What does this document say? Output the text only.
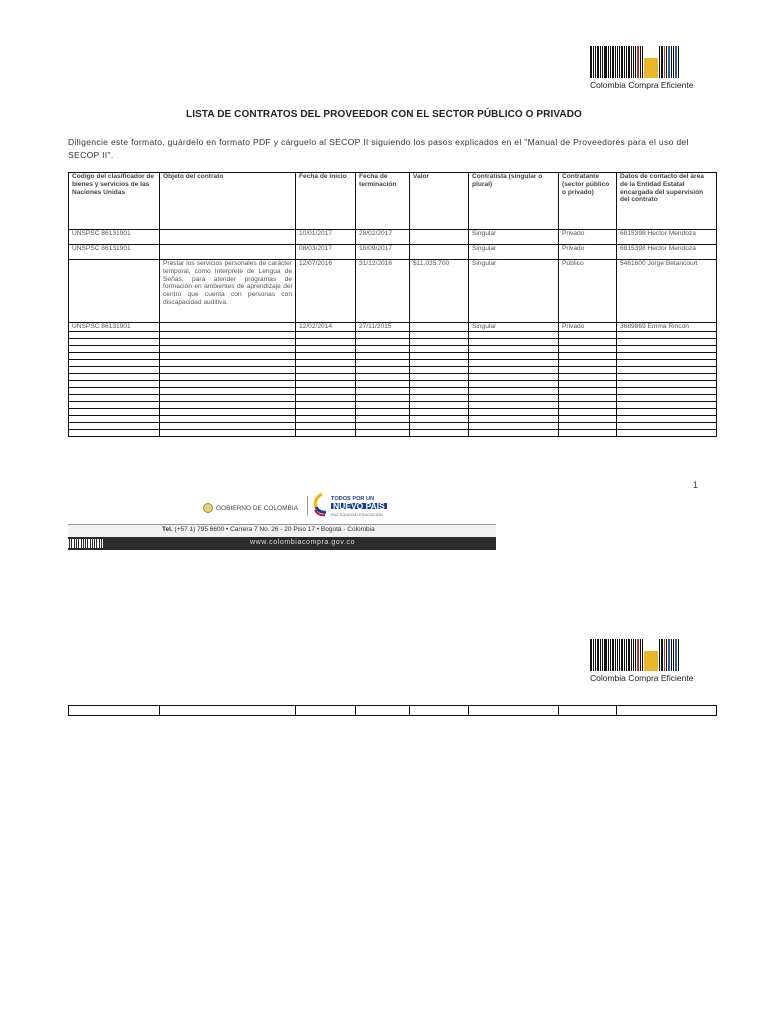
Colombia Compra Eficiente
LISTA DE CONTRATOS DEL PROVEEDOR CON EL SECTOR PÚBLICO O PRIVADO
Diligencie este formato, guárdelo en formato PDF y cárguelo al SECOP II siguiendo los pasos explicados en el "Manual de Proveedores para el uso del SECOP II".
Codigo del clasificador de bienes y servicios de las Naciones Unidas	Objeto del contrato	Fecha de inicio	Fecha de terminación	Valor	Contratista (singular o plural)	Contratante (sector público o privado)	Datos de contacto del área de la Entidad Estatal encargada del supervisión del contrato
UNSPSC 86131901		10/01/2017	28/02/2017		Singular	Privado	6815398 Hector Mendoza
UNSPSC 86131901		08/03/2017	18/09/2017		Singular	Privado	6815398 Hector Mendoza
	Prestar los servicios personales de carácter temporal, como Interprete de Lengua de Señas, para atender programas de formación en ambientes de aprendizaje del centro que cuenta con personas con discapacidad auditiva.	12/07/2016	31/12/2016	$11.035.700	Singular	Público	5461600 Jorge Betancourt
UNSPSC 86131901		12/02/2014	27/11/2015		Singular	Privado	3689869 Emma Rincon

1
GOBIERNO DE COLOMBIA
TODOS POR UN
NUEVO PAÍS
PAZ EQUIDAD EDUCACIÓN
Tel. (+57 1) 795 6600 • Carrera 7 No. 26 - 20 Piso 17 • Bogotá - Colombia
www.colombiacompra.gov.co
Colombia Compra Eficiente
